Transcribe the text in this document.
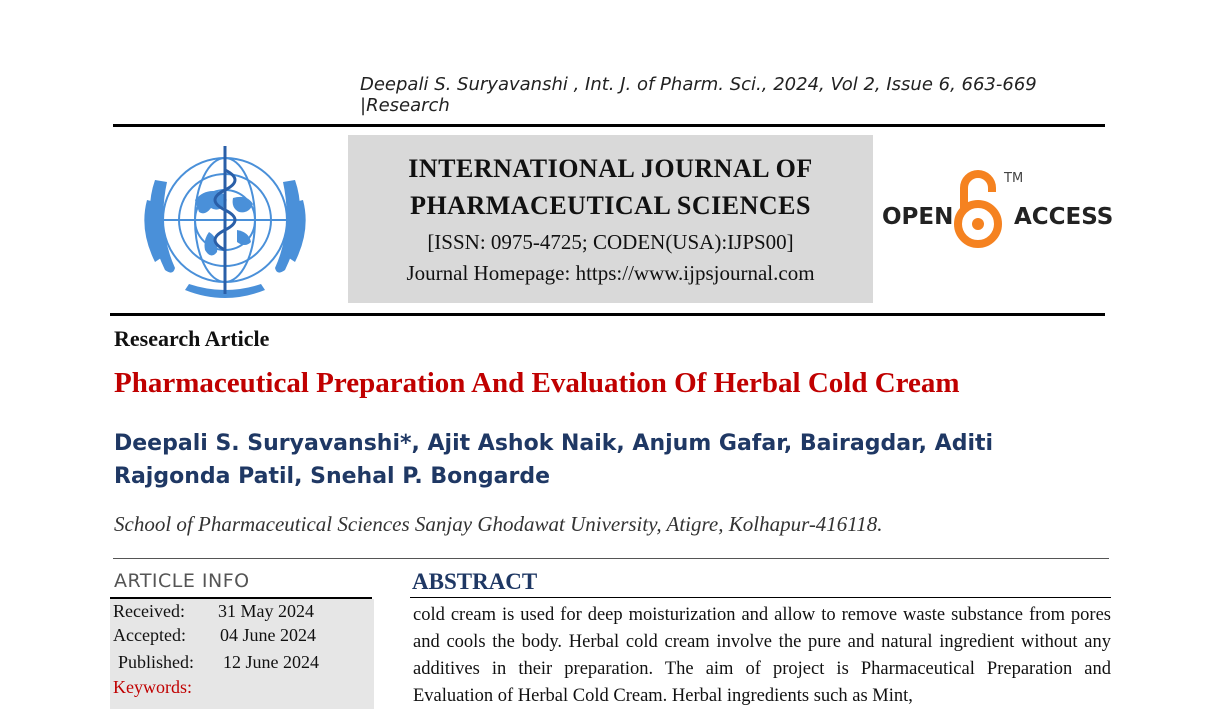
Deepali S. Suryavanshi , Int. J. of Pharm. Sci., 2024, Vol 2, Issue 6, 663-669 |Research
INTERNATIONAL JOURNAL OF
PHARMACEUTICAL SCIENCES
[ISSN: 0975-4725; CODEN(USA):IJPS00]
Journal Homepage: https://www.ijpsjournal.com
OPEN	ACCESS
TM
Research Article
Pharmaceutical Preparation And Evaluation Of Herbal Cold Cream
Deepali S. Suryavanshi*, Ajit Ashok Naik, Anjum Gafar, Bairagdar, Aditi
Rajgonda Patil, Snehal P. Bongarde
School of Pharmaceutical Sciences Sanjay Ghodawat University, Atigre, Kolhapur-416118.
ARTICLE INFO
Received: 31 May 2024
Accepted: 04 June 2024
Published: 12 June 2024
Keywords:
ABSTRACT
cold cream is used for deep moisturization and allow to remove waste substance from pores and cools the body. Herbal cold cream involve the pure and natural ingredient without any additives in their preparation. The aim of project is Pharmaceutical Preparation and Evaluation of Herbal Cold Cream. Herbal ingredients such as Mint,
